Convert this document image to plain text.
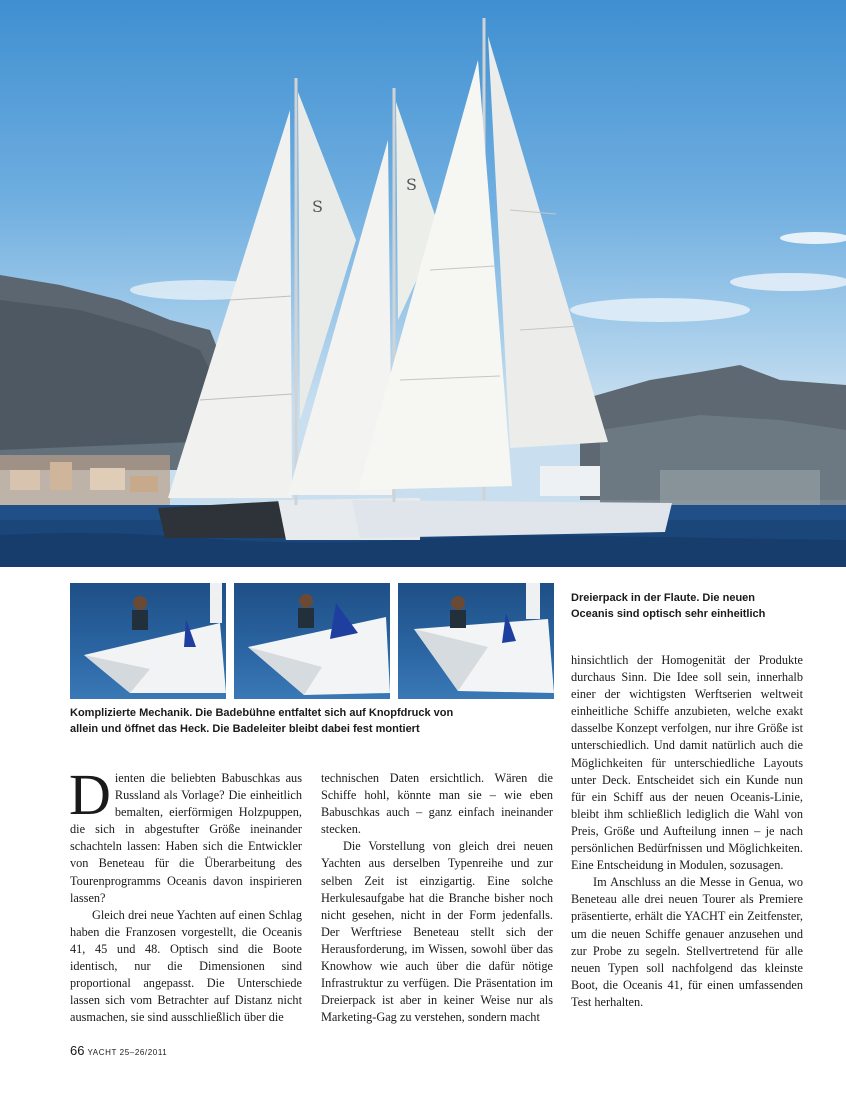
S
S
Dreierpack in der Flaute. Die neuen
Oceanis sind optisch sehr einheitlich
Komplizierte Mechanik. Die Badebühne entfaltet sich auf Knopfdruck von
allein und öffnet das Heck. Die Badeleiter bleibt dabei fest montiert

Dienten die beliebten Babuschkas aus Russland als Vorlage? Die einheitlich bemalten, eierförmigen Holzpuppen, die sich in abgestufter Größe ineinander schachteln lassen: Haben sich die Entwickler von Beneteau für die Überarbeitung des Tourenprogramms Oceanis davon inspirieren lassen?

Gleich drei neue Yachten auf einen Schlag haben die Franzosen vorgestellt, die Oceanis 41, 45 und 48. Optisch sind die Boote identisch, nur die Dimensionen sind proportional angepasst. Die Unterschiede lassen sich vom Betrachter auf Distanz nicht ausmachen, sie sind ausschließlich über die

technischen Daten ersichtlich. Wären die Schiffe hohl, könnte man sie – wie eben Babuschkas auch – ganz einfach ineinander stecken.

Die Vorstellung von gleich drei neuen Yachten aus derselben Typenreihe und zur selben Zeit ist einzigartig. Eine solche Herkulesaufgabe hat die Branche bisher noch nicht gesehen, nicht in der Form jedenfalls. Der Werftriese Beneteau stellt sich der Herausforderung, im Wissen, sowohl über das Knowhow wie auch über die dafür nötige Infrastruktur zu verfügen. Die Präsentation im Dreierpack ist aber in keiner Weise nur als Marketing-Gag zu verstehen, sondern macht

hinsichtlich der Homogenität der Produkte durchaus Sinn. Die Idee soll sein, innerhalb einer der wichtigsten Werftserien weltweit einheitliche Schiffe anzubieten, welche exakt dasselbe Konzept verfolgen, nur ihre Größe ist unterschiedlich. Und damit natürlich auch die Möglichkeiten für unterschiedliche Layouts unter Deck. Entscheidet sich ein Kunde nun für ein Schiff aus der neuen Oceanis-Linie, bleibt ihm schließlich lediglich die Wahl von Preis, Größe und Aufteilung innen – je nach persönlichen Bedürfnissen und Möglichkeiten. Eine Entscheidung in Modulen, sozusagen.

Im Anschluss an die Messe in Genua, wo Beneteau alle drei neuen Tourer als Premiere präsentierte, erhält die YACHT ein Zeitfenster, um die neuen Schiffe genauer anzusehen und zur Probe zu segeln. Stellvertretend für alle neuen Typen soll nachfolgend das kleinste Boot, die Oceanis 41, für einen umfassenden Test herhalten.

66 YACHT 25–26/2011
